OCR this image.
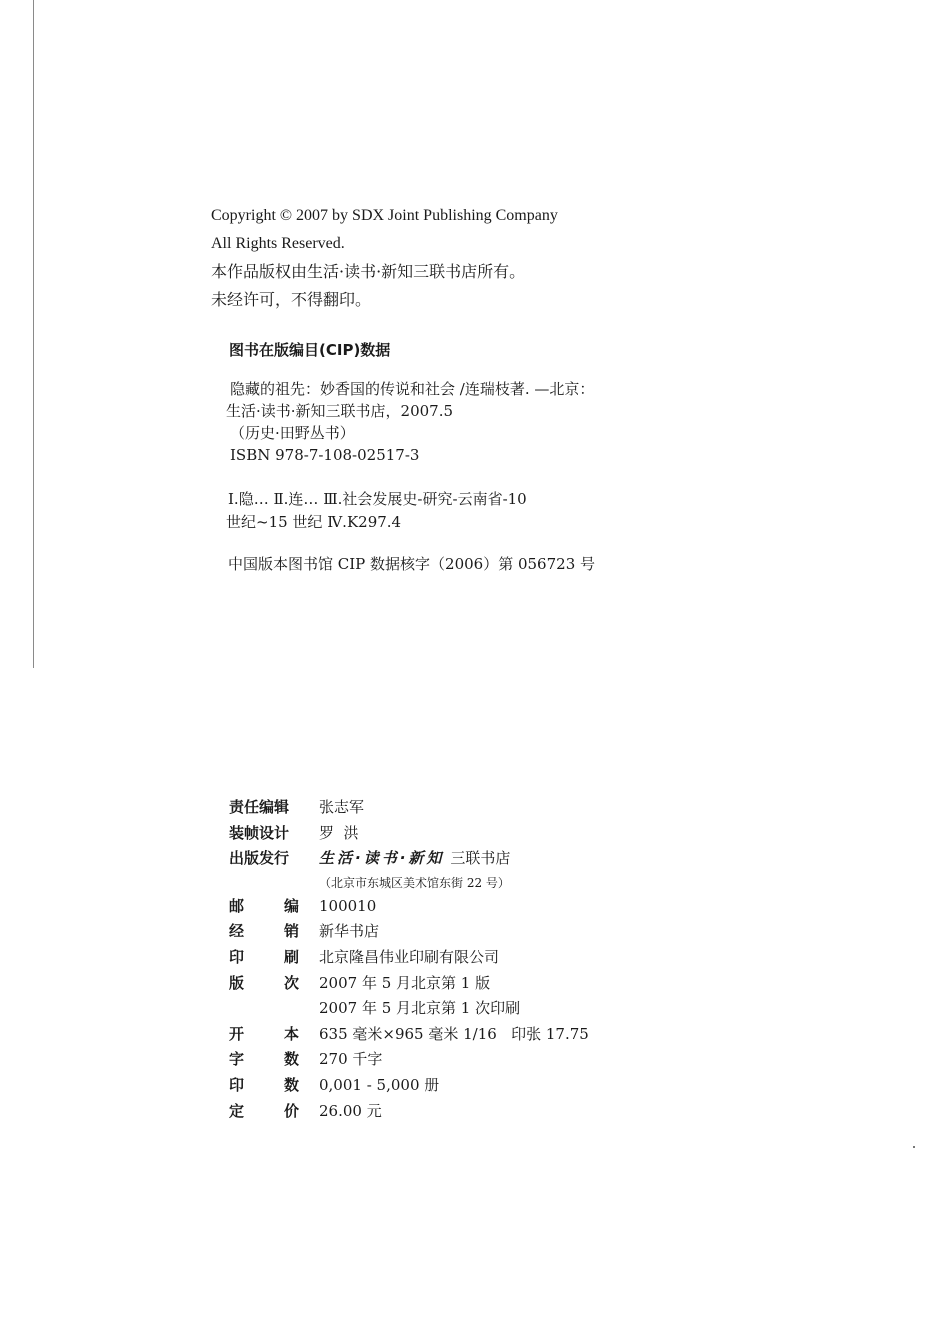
Copyright © 2007 by SDX Joint Publishing Company
All Rights Reserved.
本作品版权由生活·读书·新知三联书店所有。
未经许可，不得翻印。
图书在版编目(CIP)数据
隐藏的祖先：妙香国的传说和社会 /连瑞枝著. —北京：
生活·读书·新知三联书店，2007.5
（历史·田野丛书）
ISBN 978-7-108-02517-3
Ⅰ.隐… Ⅱ.连… Ⅲ.社会发展史-研究-云南省-10
世纪~15 世纪 Ⅳ.K297.4
中国版本图书馆 CIP 数据核字（2006）第 056723 号
责任编辑	张志军
装帧设计	罗  洪
出版发行	生活·读书·新知 三联书店
（北京市东城区美术馆东街 22 号）
邮	编 100010
经	销 新华书店
印	刷 北京隆昌伟业印刷有限公司
版	次 2007 年 5 月北京第 1 版
2007 年 5 月北京第 1 次印刷
开	本 635 毫米×965 毫米 1/16   印张 17.75
字	数 270 千字
印	数 0,001 - 5,000 册
定	价 26.00 元
